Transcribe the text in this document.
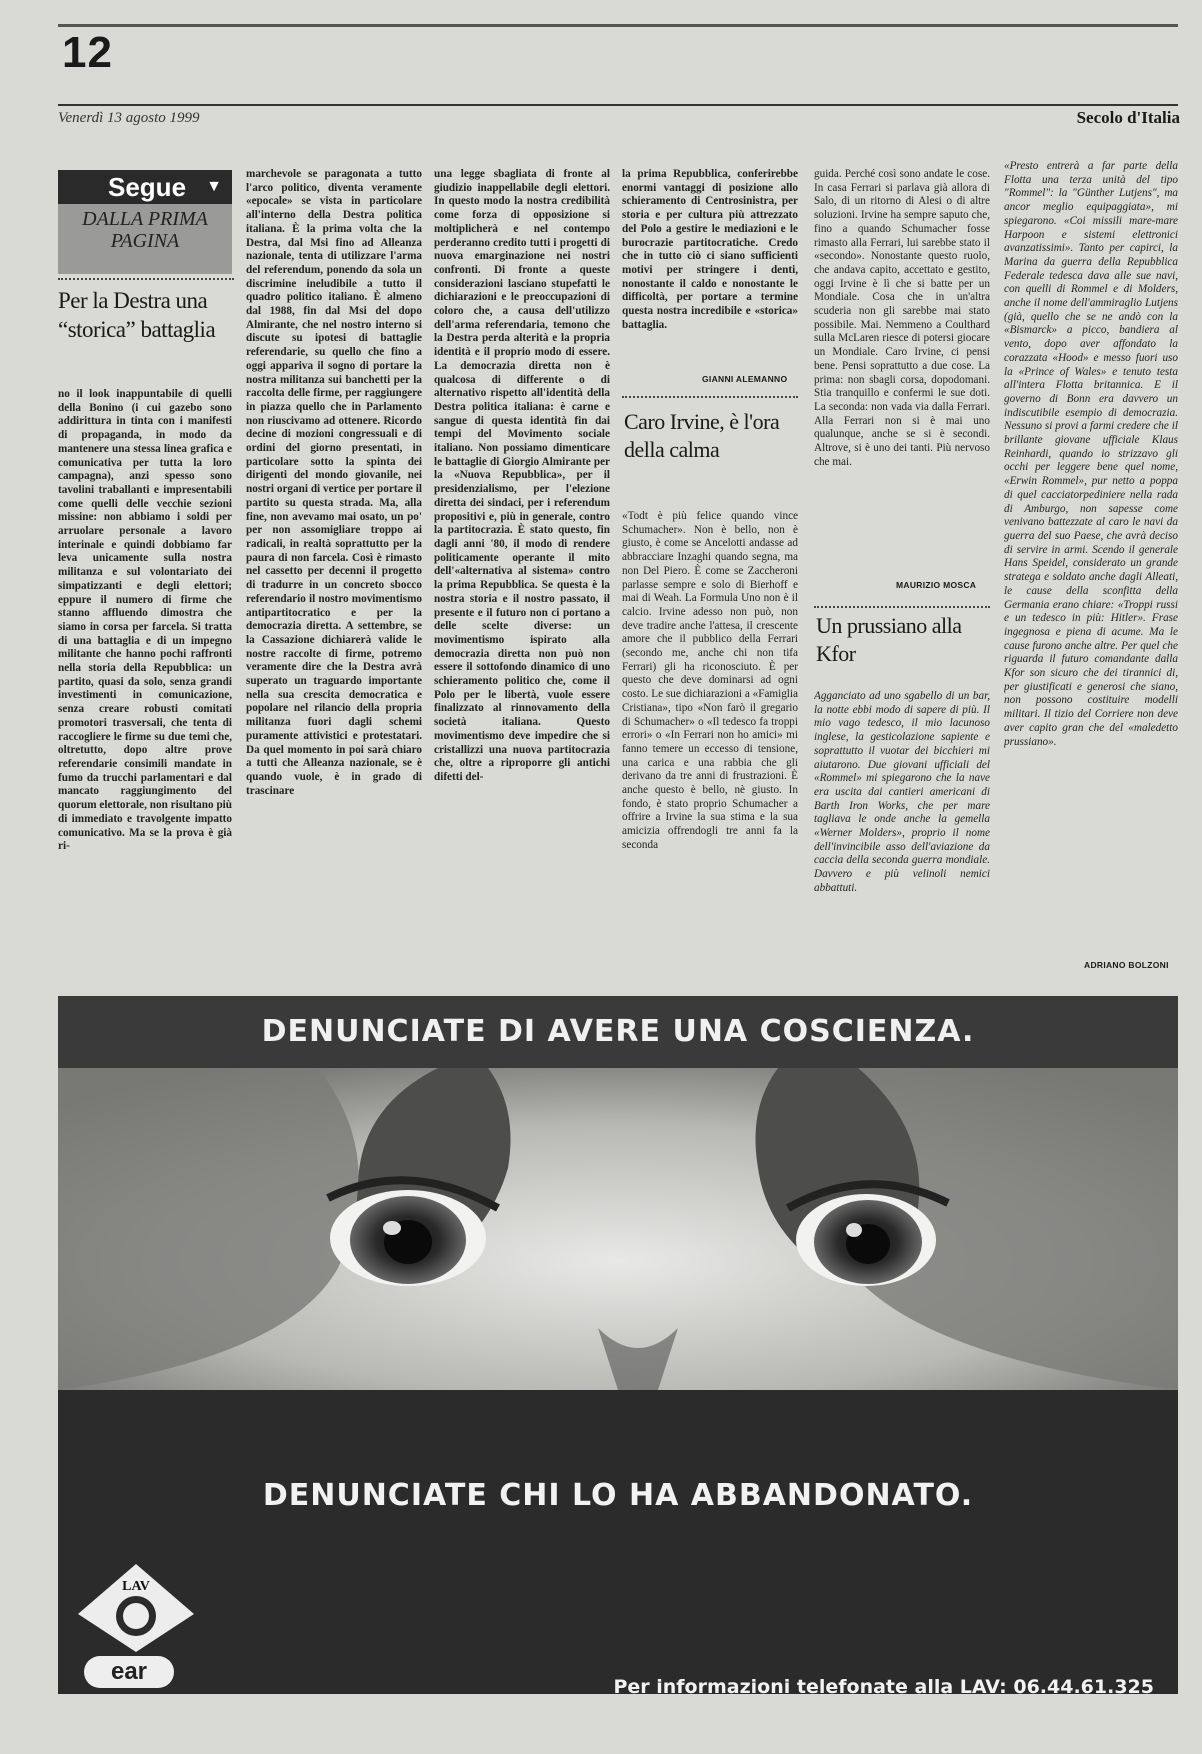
12
Venerdì 13 agosto 1999	Secolo d'Italia
Segue ▼
DALLA PRIMA PAGINA
Per la Destra una “storica” battaglia
no il look inappuntabile di quelli della Bonino (i cui gazebo sono addirittura in tinta con i manifesti di propaganda, in modo da mantenere una stessa linea grafica e comunicativa per tutta la loro campagna), anzi spesso sono tavolini traballanti e impresentabili come quelli delle vecchie sezioni missine: non abbiamo i soldi per arruolare personale a lavoro interinale e quindi dobbiamo far leva unicamente sulla nostra militanza e sul volontariato dei simpatizzanti e degli elettori; eppure il numero di firme che stanno affluendo dimostra che siamo in corsa per farcela. Si tratta di una battaglia e di un impegno militante che hanno pochi raffronti nella storia della Repubblica: un partito, quasi da solo, senza grandi investimenti in comunicazione, senza creare robusti comitati promotori trasversali, che tenta di raccogliere le firme su due temi che, oltretutto, dopo altre prove referendarie consimili mandate in fumo da trucchi parlamentari e dal mancato raggiungimento del quorum elettorale, non risultano più di immediato e travolgente impatto comunicativo. Ma se la prova è già ri-
marchevole se paragonata a tutto l'arco politico, diventa veramente «epocale» se vista in particolare all'interno della Destra politica italiana. È la prima volta che la Destra, dal Msi fino ad Alleanza nazionale, tenta di utilizzare l'arma del referendum, ponendo da sola un discrimine ineludibile a tutto il quadro politico italiano. È almeno dal 1988, fin dal Msi del dopo Almirante, che nel nostro interno si discute su ipotesi di battaglie referendarie, su quello che fino a oggi appariva il sogno di portare la nostra militanza sui banchetti per la raccolta delle firme, per raggiungere in piazza quello che in Parlamento non riuscivamo ad ottenere. Ricordo decine di mozioni congressuali e di ordini del giorno presentati, in particolare sotto la spinta dei dirigenti del mondo giovanile, nei nostri organi di vertice per portare il partito su questa strada. Ma, alla fine, non avevamo mai osato, un po' per non assomigliare troppo ai radicali, in realtà soprattutto per la paura di non farcela. Così è rimasto nel cassetto per decenni il progetto di tradurre in un concreto sbocco referendario il nostro movimentismo antipartitocratico e per la democrazia diretta. A settembre, se la Cassazione dichiarerà valide le nostre raccolte di firme, potremo veramente dire che la Destra avrà superato un traguardo importante nella sua crescita democratica e popolare nel rilancio della propria militanza fuori dagli schemi puramente attivistici e protestatari. Da quel momento in poi sarà chiaro a tutti che Alleanza nazionale, se è quando vuole, è in grado di trascinare
una legge sbagliata di fronte al giudizio inappellabile degli elettori. In questo modo la nostra credibilità come forza di opposizione si moltiplicherà e nel contempo perderanno credito tutti i progetti di nuova emarginazione nei nostri confronti. Di fronte a queste considerazioni lasciano stupefatti le dichiarazioni e le preoccupazioni di coloro che, a causa dell'utilizzo dell'arma referendaria, temono che la Destra perda alterità e la propria identità e il proprio modo di essere. La democrazia diretta non è qualcosa di differente o di alternativo rispetto all'identità della Destra politica italiana: è carne e sangue di questa identità fin dai tempi del Movimento sociale italiano. Non possiamo dimenticare le battaglie di Giorgio Almirante per la «Nuova Repubblica», per il presidenzialismo, per l'elezione diretta dei sindaci, per i referendum propositivi e, più in generale, contro la partitocrazia. È stato questo, fin dagli anni '80, il modo di rendere politicamente operante il mito dell'«alternativa al sistema» contro la prima Repubblica. Se questa è la nostra storia e il nostro passato, il presente e il futuro non ci portano a delle scelte diverse: un movimentismo ispirato alla democrazia diretta non può non essere il sottofondo dinamico di uno schieramento politico che, come il Polo per le libertà, vuole essere finalizzato al rinnovamento della società italiana. Questo movimentismo deve impedire che si cristallizzi una nuova partitocrazia che, oltre a riproporre gli antichi difetti del-
la prima Repubblica, conferirebbe enormi vantaggi di posizione allo schieramento di Centrosinistra, per storia e per cultura più attrezzato del Polo a gestire le mediazioni e le burocrazie partitocratiche. Credo che in tutto ciò ci siano sufficienti motivi per stringere i denti, nonostante il caldo e nonostante le difficoltà, per portare a termine questa nostra incredibile e «storica» battaglia.
GIANNI ALEMANNO
Caro Irvine, è l'ora della calma
«Todt è più felice quando vince Schumacher». Non è bello, non è giusto, è come se Ancelotti andasse ad abbracciare Inzaghi quando segna, ma non Del Piero. È come se Zaccheroni parlasse sempre e solo di Bierhoff e mai di Weah. La Formula Uno non è il calcio. Irvine adesso non può, non deve tradire anche l'attesa, il crescente amore che il pubblico della Ferrari (secondo me, anche chi non tifa Ferrari) gli ha riconosciuto. È per questo che deve dominarsi ad ogni costo. Le sue dichiarazioni a «Famiglia Cristiana», tipo «Non farò il gregario di Schumacher» o «Il tedesco fa troppi errori» o «In Ferrari non ho amici» mi fanno temere un eccesso di tensione, una carica e una rabbia che gli derivano da tre anni di frustrazioni. È anche questo è bello, nè giusto. In fondo, è stato proprio Schumacher a offrire a Irvine la sua stima e la sua amicizia offrendogli tre anni fa la seconda
guida. Perché così sono andate le cose. In casa Ferrari si parlava già allora di Salo, di un ritorno di Alesi o di altre soluzioni. Irvine ha sempre saputo che, fino a quando Schumacher fosse rimasto alla Ferrari, lui sarebbe stato il «secondo». Nonostante questo ruolo, che andava capito, accettato e gestito, oggi Irvine è lì che si batte per un Mondiale. Cosa che in un'altra scuderia non gli sarebbe mai stato possibile. Mai. Nemmeno a Coulthard sulla McLaren riesce di potersi giocare un Mondiale. Caro Irvine, ci pensi bene. Pensi soprattutto a due cose. La prima: non sbagli corsa, dopodomani. Stia tranquillo e confermi le sue doti. La seconda: non vada via dalla Ferrari. Alla Ferrari non si è mai uno qualunque, anche se si è secondi. Altrove, si è uno dei tanti. Più nervoso che mai.
MAURIZIO MOSCA
Un prussiano alla Kfor
Agganciato ad uno sgabello di un bar, la notte ebbi modo di sapere di più. Il mio vago tedesco, il mio lacunoso inglese, la gesticolazione sapiente e soprattutto il vuotar dei bicchieri mi aiutarono. Due giovani ufficiali del «Rommel» mi spiegarono che la nave era uscita dai cantieri americani di Barth Iron Works, che per mare tagliava le onde anche la gemella «Werner Molders», proprio il nome dell'invincibile asso dell'aviazione da caccia della seconda guerra mondiale. Davvero e più velinoli nemici abbattuti.
«Presto entrerà a far parte della Flotta una terza unità del tipo "Rommel": la "Günther Lutjens", ma ancor meglio equipaggiata», mi spiegarono. «Coi missili mare-mare Harpoon e sistemi elettronici avanzatissimi». Tanto per capirci, la Marina da guerra della Repubblica Federale tedesca dava alle sue navi, con quelli di Rommel e di Molders, anche il nome dell'ammiraglio Lutjens (già, quello che se ne andò con la «Bismarck» a picco, bandiera al vento, dopo aver affondato la corazzata «Hood» e messo fuori uso la «Prince of Wales» e tenuto testa all'intera Flotta britannica. E il governo di Bonn era davvero un indiscutibile esempio di democrazia. Nessuno si provi a farmi credere che il brillante giovane ufficiale Klaus Reinhardi, quando io strizzavo gli occhi per leggere bene quel nome, «Erwin Rommel», pur netto a poppa di quel cacciatorpediniere nella rada di Amburgo, non sapesse come venivano battezzate al caro le navi da guerra del suo Paese, che avrà deciso di servire in armi. Scendo il generale Hans Speidel, considerato un grande stratega e soldato anche dagli Alleati, le cause della sconfitta della Germania erano chiare: «Troppi russi e un tedesco in più: Hitler». Frase ingegnosa e piena di acume. Ma le cause furono anche altre. Per quel che riguarda il futuro comandante dalla Kfor son sicuro che dei tirannici di, per giustificati e generosi che siano, non possono costituire modelli militari. Il tizio del Corriere non deve aver capito gran che del «maledetto prussiano».
ADRIANO BOLZONI
DENUNCIATE DI AVERE UNA COSCIENZA.
DENUNCIATE CHI LO HA ABBANDONATO.
LAV
ear
Per informazioni telefonate alla LAV: 06.44.61.325
